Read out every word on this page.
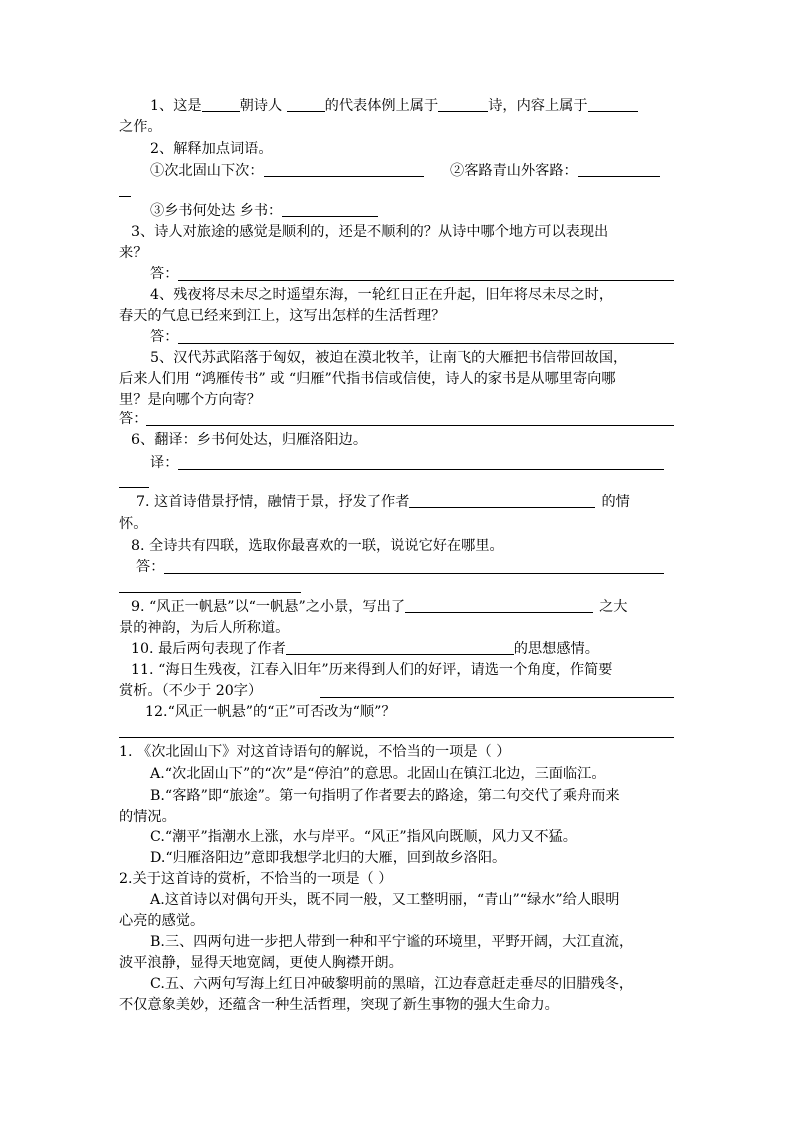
1、这是	朝诗人	的代表体例上属于	诗，内容上属于
之作。
2、解释加点词语。
①次北固山下次：	②客路青山外客路：
③乡书何处达 乡书：
3、诗人对旅途的感觉是顺利的，还是不顺利的？从诗中哪个地方可以表现出
来？
答：
4、残夜将尽未尽之时遥望东海，一轮红日正在升起，旧年将尽未尽之时，
春天的气息已经来到江上，这写出怎样的生活哲理？
答：
5、汉代苏武陷落于匈奴，被迫在漠北牧羊，让南飞的大雁把书信带回故国，
后来人们用 “鸿雁传书” 或 “归雁”代指书信或信使，诗人的家书是从哪里寄向哪
里？是向哪个方向寄？
答：
6、翻译：乡书何处达，归雁洛阳边。
译：
7. 这首诗借景抒情，融情于景，抒发了作者	的情
怀。
8. 全诗共有四联，选取你最喜欢的一联，说说它好在哪里。
答：
9. “风正一帆悬”以“一帆悬”之小景，写出了	之大
景的神韵，为后人所称道。
10. 最后两句表现了作者	的思想感情。
11. “海日生残夜，江春入旧年”历来得到人们的好评，请选一个角度，作简要
赏析。（不少于 20字）
12.“风正一帆悬”的“正”可否改为“顺”？
1. 《次北固山下》对这首诗语句的解说，不恰当的一项是（ ）
A.“次北固山下”的“次”是“停泊”的意思。北固山在镇江北边，三面临江。
B.“客路”即“旅途”。第一句指明了作者要去的路途，第二句交代了乘舟而来
的情况。
C.“潮平”指潮水上涨，水与岸平。“风正”指风向既顺，风力又不猛。
D.“归雁洛阳边”意即我想学北归的大雁，回到故乡洛阳。
2.关于这首诗的赏析，不恰当的一项是（ ）
A.这首诗以对偶句开头，既不同一般，又工整明丽，“青山”“绿水”给人眼明
心亮的感觉。
B.三、四两句进一步把人带到一种和平宁谧的环境里，平野开阔，大江直流，
波平浪静，显得天地宽阔，更使人胸襟开朗。
C.五、六两句写海上红日冲破黎明前的黑暗，江边春意赶走垂尽的旧腊残冬，
不仅意象美妙，还蕴含一种生活哲理，突现了新生事物的强大生命力。
